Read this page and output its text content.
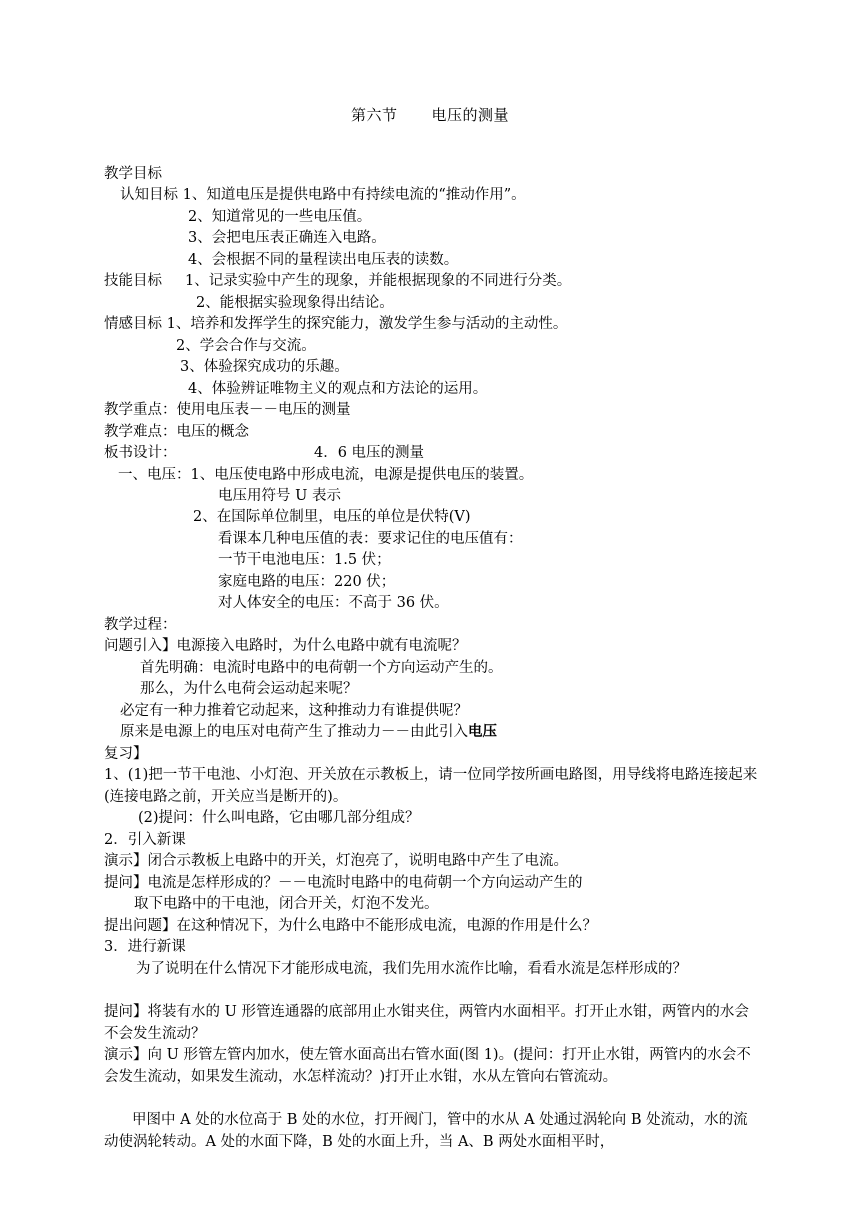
第六节 电压的测量
教学目标
认知目标 1、知道电压是提供电路中有持续电流的“推动作用”。
2、知道常见的一些电压值。
3、会把电压表正确连入电路。
4、会根据不同的量程读出电压表的读数。
技能目标     1、记录实验中产生的现象，并能根据现象的不同进行分类。
2、能根据实验现象得出结论。
情感目标 1、培养和发挥学生的探究能力，激发学生参与活动的主动性。
2、学会合作与交流。
3、体验探究成功的乐趣。
4、体验辨证唯物主义的观点和方法论的运用。
教学重点：使用电压表－－电压的测量
教学难点：电压的概念
板书设计：	4．6 电压的测量
一、电压：1、电压使电路中形成电流，电源是提供电压的装置。
电压用符号 U 表示
2、在国际单位制里，电压的单位是伏特(V)
看课本几种电压值的表：要求记住的电压值有：
一节干电池电压：1.5 伏；
家庭电路的电压：220 伏；
对人体安全的电压：不高于 36 伏。
教学过程：
问题引入】电源接入电路时，为什么电路中就有电流呢？
首先明确：电流时电路中的电荷朝一个方向运动产生的。
那么，为什么电荷会运动起来呢？
必定有一种力推着它动起来，这种推动力有谁提供呢？
原来是电源上的电压对电荷产生了推动力－－由此引入电压
复习】
1、(1)把一节干电池、小灯泡、开关放在示教板上，请一位同学按所画电路图，用导线将电路连接起来(连接电路之前，开关应当是断开的)。
(2)提问：什么叫电路，它由哪几部分组成？
2．引入新课
演示】闭合示教板上电路中的开关，灯泡亮了，说明电路中产生了电流。
提问】电流是怎样形成的？－－电流时电路中的电荷朝一个方向运动产生的
取下电路中的干电池，闭合开关，灯泡不发光。
提出问题】在这种情况下，为什么电路中不能形成电流，电源的作用是什么？
3．进行新课
为了说明在什么情况下才能形成电流，我们先用水流作比喻，看看水流是怎样形成的？
提问】将装有水的 U 形管连通器的底部用止水钳夹住，两管内水面相平。打开止水钳，两管内的水会不会发生流动？
演示】向 U 形管左管内加水，使左管水面高出右管水面(图 1)。(提问：打开止水钳，两管内的水会不会发生流动，如果发生流动，水怎样流动？)打开止水钳，水从左管向右管流动。
甲图中 A 处的水位高于 B 处的水位，打开阀门，管中的水从 A 处通过涡轮向 B 处流动，水的流动使涡轮转动。A 处的水面下降，B 处的水面上升，当 A、B 两处水面相平时，
